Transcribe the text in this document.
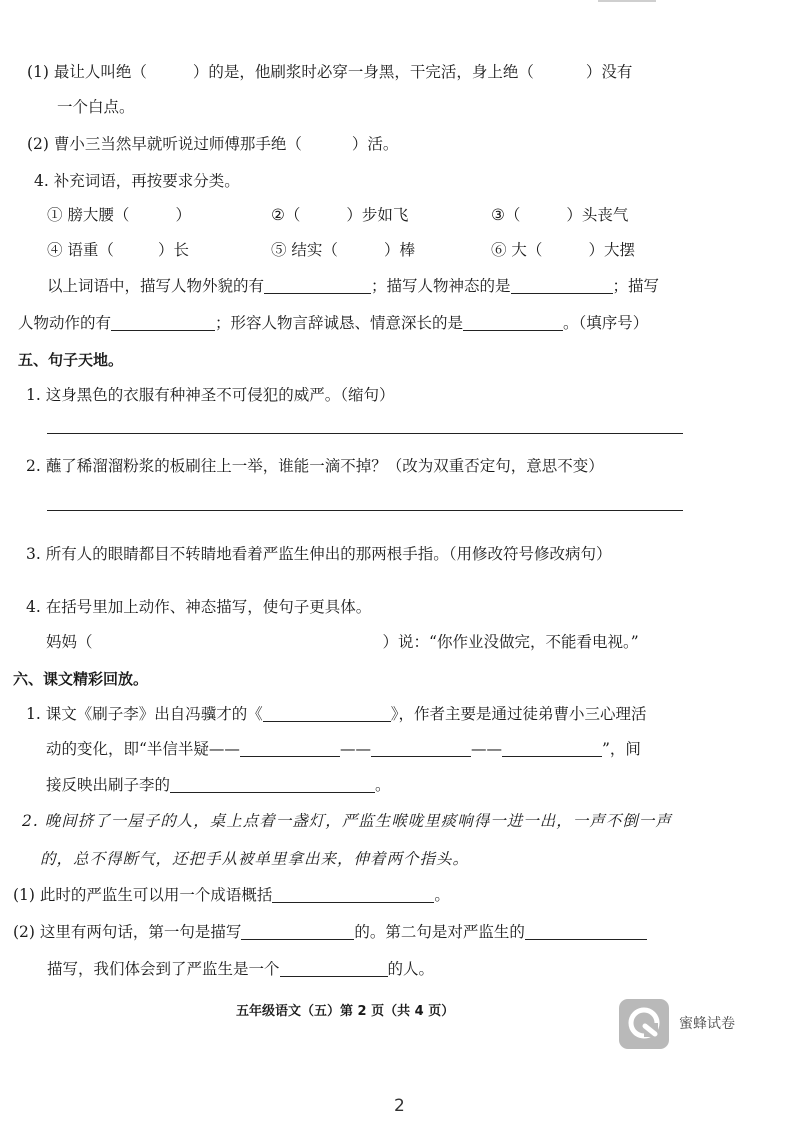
(1) 最让人叫绝（	）的是，他刷浆时必穿一身黑，干完活，身上绝（	）没有
一个白点。
(2) 曹小三当然早就听说过师傅那手绝（	）活。
4. 补充词语，再按要求分类。
① 膀大腰（	）	②（	）步如飞	③（	）头丧气
④ 语重（	）长	⑤ 结实（	）棒	⑥ 大（	）大摆
以上词语中，描写人物外貌的有	；描写人物神态的是	；描写
人物动作的有	；形容人物言辞诚恳、情意深长的是	。（填序号）
五、句子天地。
1. 这身黑色的衣服有种神圣不可侵犯的威严。（缩句）
2. 蘸了稀溜溜粉浆的板刷往上一举，谁能一滴不掉？（改为双重否定句，意思不变）
3. 所有人的眼睛都目不转睛地看着严监生伸出的那两根手指。（用修改符号修改病句）
4. 在括号里加上动作、神态描写，使句子更具体。
妈妈（	）说：“你作业没做完，不能看电视。”
六、课文精彩回放。
1. 课文《刷子李》出自冯骥才的《	》，作者主要是通过徒弟曹小三心理活
动的变化，即“半信半疑——	——	——	”，间
接反映出刷子李的	。
2. 晚间挤了一屋子的人，桌上点着一盏灯，严监生喉咙里痰响得一进一出，一声不倒一声
的，总不得断气，还把手从被单里拿出来，伸着两个指头。
(1) 此时的严监生可以用一个成语概括	。
(2) 这里有两句话，第一句是描写	的。第二句是对严监生的
描写，我们体会到了严监生是一个	的人。
五年级语文（五）第 2 页（共 4 页）
蜜蜂试卷
2
